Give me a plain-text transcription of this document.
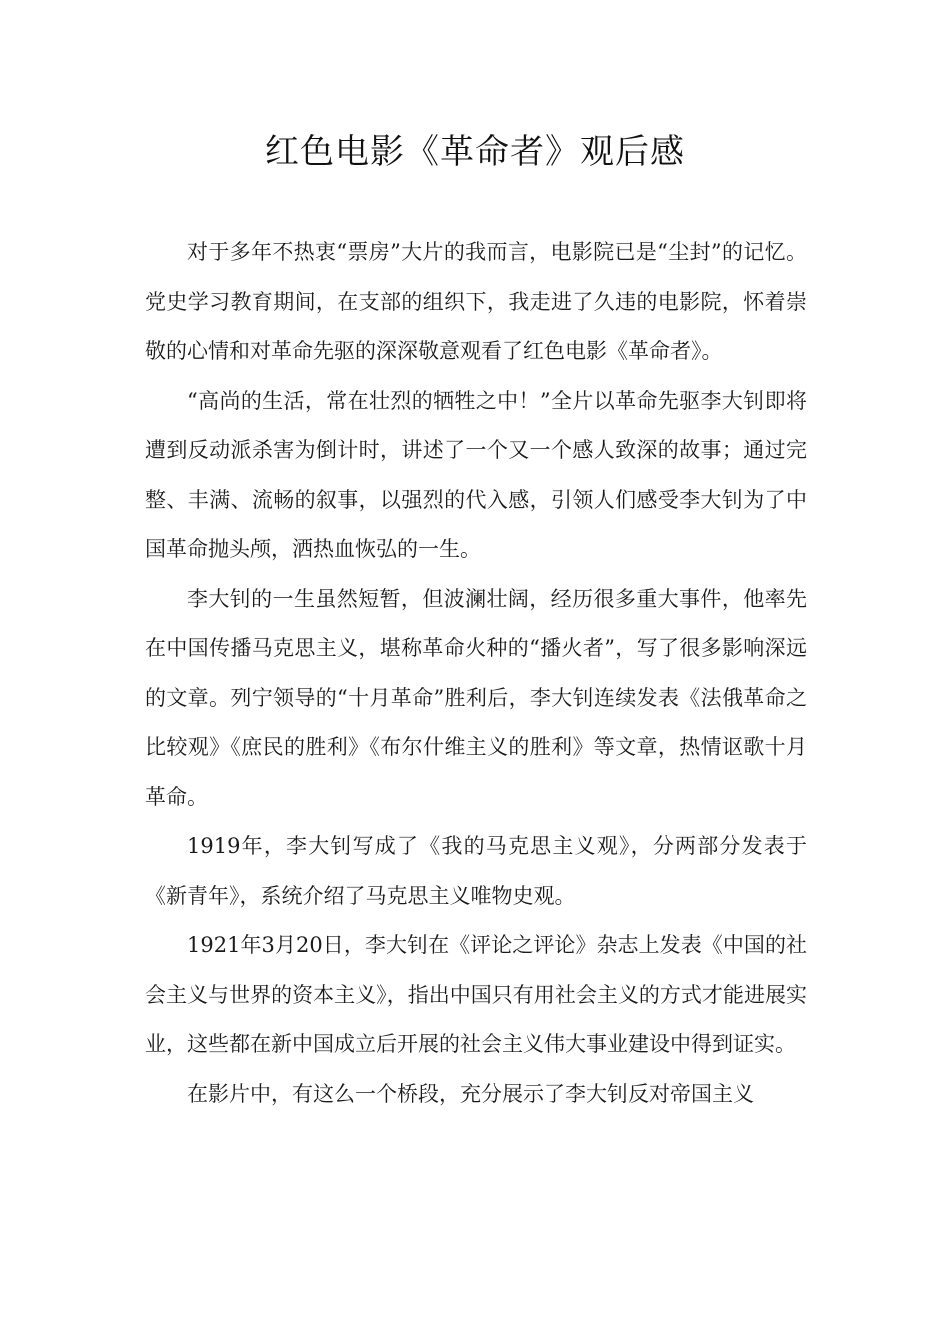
红色电影《革命者》观后感

对于多年不热衷“票房”大片的我而言，电影院已是“尘封”的记忆。党史学习教育期间，在支部的组织下，我走进了久违的电影院，怀着崇敬的心情和对革命先驱的深深敬意观看了红色电影《革命者》。

“高尚的生活，常在壮烈的牺牲之中！”全片以革命先驱李大钊即将遭到反动派杀害为倒计时，讲述了一个又一个感人致深的故事；通过完整、丰满、流畅的叙事，以强烈的代入感，引领人们感受李大钊为了中国革命抛头颅，洒热血恢弘的一生。

李大钊的一生虽然短暂，但波澜壮阔，经历很多重大事件，他率先在中国传播马克思主义，堪称革命火种的“播火者”，写了很多影响深远的文章。列宁领导的“十月革命”胜利后，李大钊连续发表《法俄革命之比较观》《庶民的胜利》《布尔什维主义的胜利》等文章，热情讴歌十月革命。

1919年，李大钊写成了《我的马克思主义观》，分两部分发表于《新青年》，系统介绍了马克思主义唯物史观。

1921年3月20日，李大钊在《评论之评论》杂志上发表《中国的社会主义与世界的资本主义》，指出中国只有用社会主义的方式才能进展实业，这些都在新中国成立后开展的社会主义伟大事业建设中得到证实。

在影片中，有这么一个桥段，充分展示了李大钊反对帝国主义
